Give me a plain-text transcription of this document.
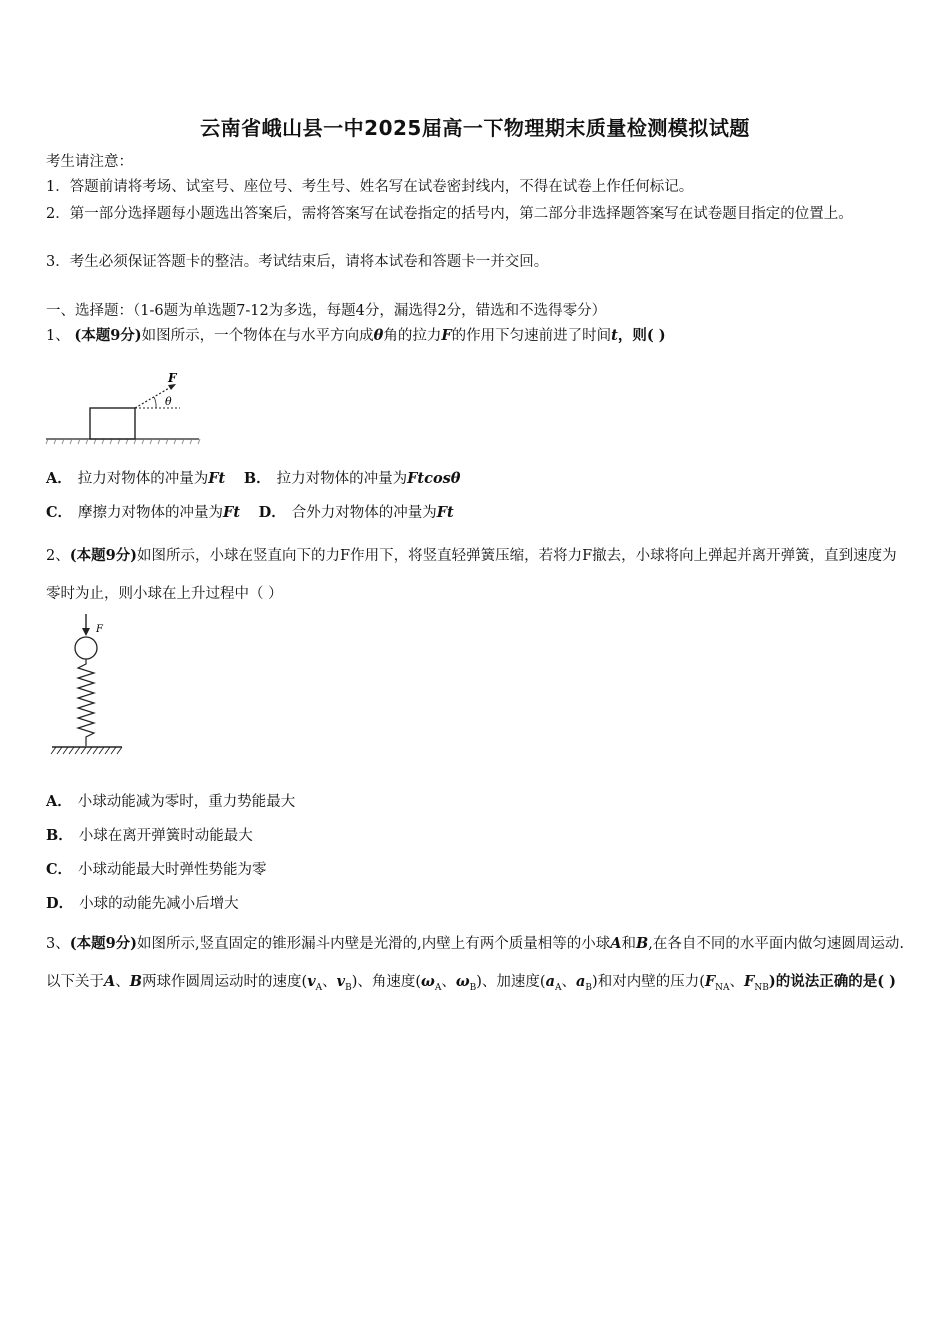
云南省峨山县一中2025届高一下物理期末质量检测模拟试题
考生请注意：
1．答题前请将考场、试室号、座位号、考生号、姓名写在试卷密封线内，不得在试卷上作任何标记。
2．第一部分选择题每小题选出答案后，需将答案写在试卷指定的括号内，第二部分非选择题答案写在试卷题目指定的位置上。
3．考生必须保证答题卡的整洁。考试结束后，请将本试卷和答题卡一并交回。
一、选择题：（1-6题为单选题7-12为多选，每题4分，漏选得2分，错选和不选得零分）
1、 (本题9分)如图所示，一个物体在与水平方向成θ角的拉力F的作用下匀速前进了时间t，则( )
F
θ
A． 拉力对物体的冲量为Ft B． 拉力对物体的冲量为Ftcosθ
C． 摩擦力对物体的冲量为Ft D． 合外力对物体的冲量为Ft
2、(本题9分)如图所示，小球在竖直向下的力F作用下，将竖直轻弹簧压缩，若将力F撤去，小球将向上弹起并离开弹簧，直到速度为零时为止，则小球在上升过程中（ ）
F
A． 小球动能减为零时，重力势能最大
B． 小球在离开弹簧时动能最大
C． 小球动能最大时弹性势能为零
D． 小球的动能先减小后增大
3、(本题9分)如图所示,竖直固定的锥形漏斗内壁是光滑的,内壁上有两个质量相等的小球A和B,在各自不同的水平面内做匀速圆周运动.以下关于A、B两球作圆周运动时的速度($v_A$、$v_B$)、角速度($\omega_A$、$\omega_B$)、加速度($a_A$、$a_B$)和对内壁的压力($F_{NA}$、$F_{NB}$)的说法正确的是( )
